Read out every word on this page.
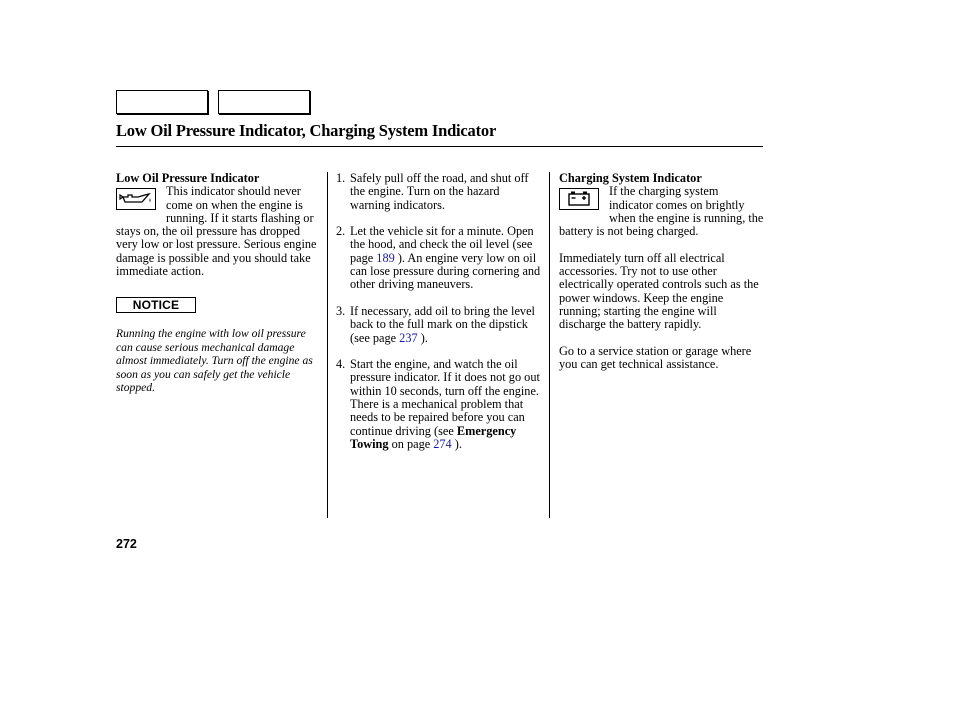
Low Oil Pressure Indicator, Charging System Indicator

Low Oil Pressure Indicator

This indicator should never come on when the engine is running. If it starts flashing or stays on, the oil pressure has dropped very low or lost pressure. Serious engine damage is possible and you should take immediate action.

NOTICE

Running the engine with low oil pressure can cause serious mechanical damage almost immediately. Turn off the engine as soon as you can safely get the vehicle stopped.

1. Safely pull off the road, and shut off the engine. Turn on the hazard warning indicators.
2. Let the vehicle sit for a minute. Open the hood, and check the oil level (see page 189 ). An engine very low on oil can lose pressure during cornering and other driving maneuvers.
3. If necessary, add oil to bring the level back to the full mark on the dipstick (see page 237 ).
4. Start the engine, and watch the oil pressure indicator. If it does not go out within 10 seconds, turn off the engine. There is a mechanical problem that needs to be repaired before you can continue driving (see Emergency Towing on page 274 ).

Charging System Indicator

If the charging system indicator comes on brightly when the engine is running, the battery is not being charged.

Immediately turn off all electrical accessories. Try not to use other electrically operated controls such as the power windows. Keep the engine running; starting the engine will discharge the battery rapidly.

Go to a service station or garage where you can get technical assistance.

272
